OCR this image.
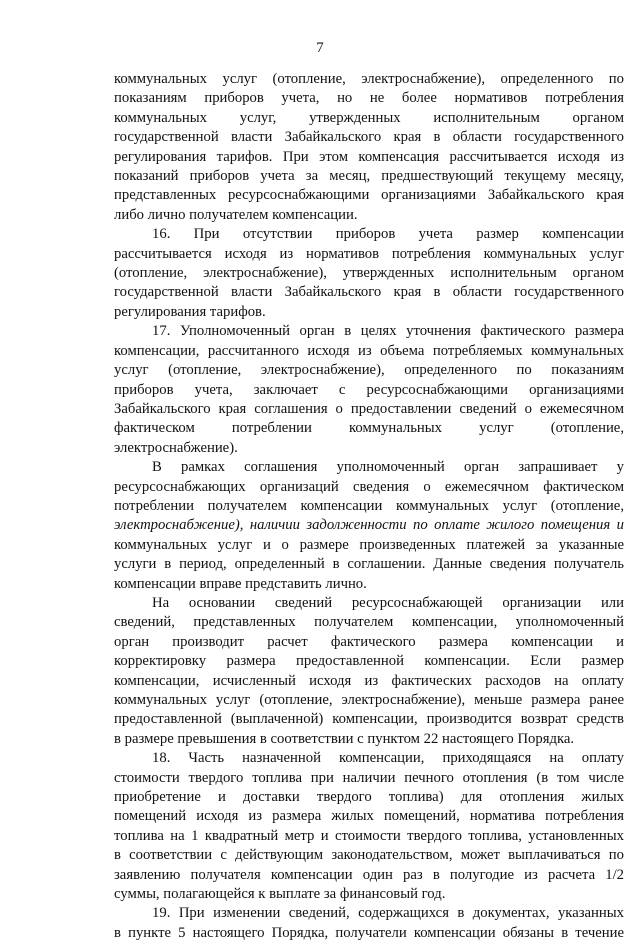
7

коммунальных услуг (отопление, электроснабжение), определенного по

показаниям приборов учета, но не более нормативов потребления

коммунальных услуг, утвержденных исполнительным органом

государственной власти Забайкальского края в области государственного

регулирования тарифов. При этом компенсация рассчитывается исходя из

показаний приборов учета за месяц, предшествующий текущему месяцу,

представленных ресурсоснабжающими организациями Забайкальского края

либо лично получателем компенсации.

16. При отсутствии приборов учета размер компенсации

рассчитывается исходя из нормативов потребления коммунальных услуг

(отопление, электроснабжение), утвержденных исполнительным органом

государственной власти Забайкальского края в области государственного

регулирования тарифов.

17. Уполномоченный орган в целях уточнения фактического размера

компенсации, рассчитанного исходя из объема потребляемых коммунальных

услуг (отопление, электроснабжение), определенного по показаниям

приборов учета, заключает с ресурсоснабжающими организациями

Забайкальского края соглашения о предоставлении сведений о ежемесячном

фактическом потреблении коммунальных услуг (отопление,

электроснабжение).

В рамках соглашения уполномоченный орган запрашивает у

ресурсоснабжающих организаций сведения о ежемесячном фактическом

потреблении получателем компенсации коммунальных услуг (отопление,

электроснабжение), наличии задолженности по оплате жилого помещения и

коммунальных услуг и о размере произведенных платежей за указанные

услуги в период, определенный в соглашении. Данные сведения получатель

компенсации вправе представить лично.

На основании сведений ресурсоснабжающей организации или

сведений, представленных получателем компенсации, уполномоченный

орган производит расчет фактического размера компенсации и

корректировку размера предоставленной компенсации. Если размер

компенсации, исчисленный исходя из фактических расходов на оплату

коммунальных услуг (отопление, электроснабжение), меньше размера ранее

предоставленной (выплаченной) компенсации, производится возврат средств

в размере превышения в соответствии с пунктом 22 настоящего Порядка.

18. Часть назначенной компенсации, приходящаяся на оплату

стоимости твердого топлива при наличии печного отопления (в том числе

приобретение и доставки твердого топлива) для отопления жилых

помещений исходя из размера жилых помещений, норматива потребления

топлива на 1 квадратный метр и стоимости твердого топлива, установленных

в соответствии с действующим законодательством, может выплачиваться по

заявлению получателя компенсации один раз в полугодие из расчета 1/2

суммы, полагающейся к выплате за финансовый год.

19. При изменении сведений, содержащихся в документах, указанных

в пункте 5 настоящего Порядка, получатели компенсации обязаны в течение
